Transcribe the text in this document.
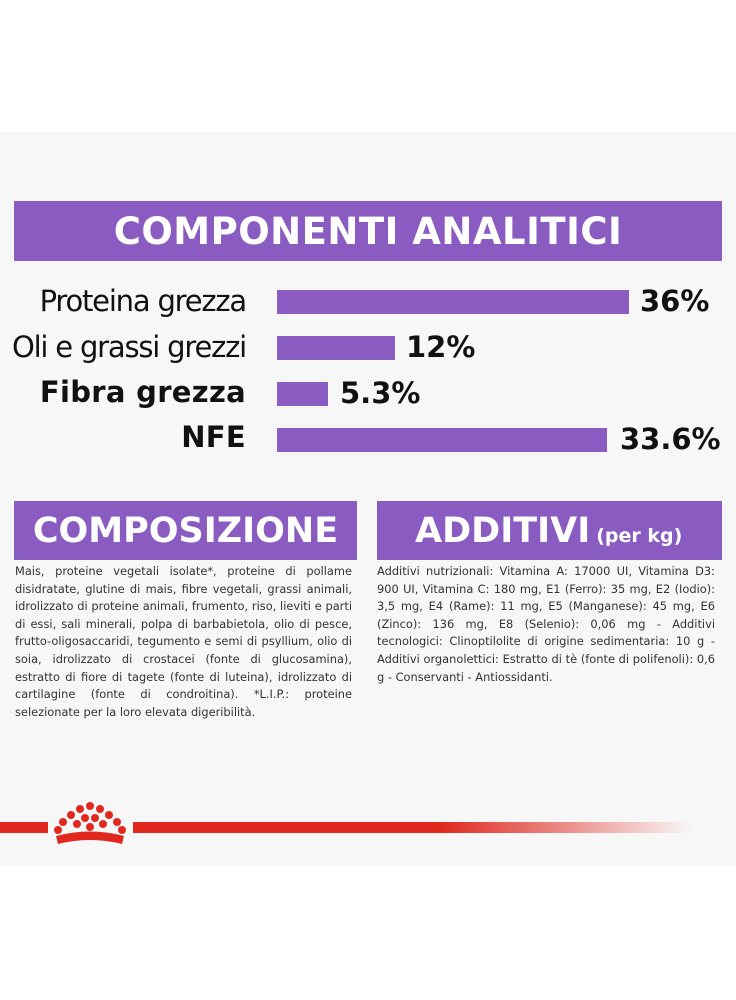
COMPONENTI ANALITICI
Proteina grezza	36%
Oli e grassi grezzi	12%
Fibra grezza	5.3%
NFE	33.6%
COMPOSIZIONE
Mais, proteine vegetali isolate*, proteine di pollame disidratate, glutine di mais, fibre vegetali, grassi animali, idrolizzato di proteine animali, frumento, riso, lieviti e parti di essi, sali minerali, polpa di barbabietola, olio di pesce, frutto-oligosaccaridi, tegumento e semi di psyllium, olio di soia, idrolizzato di crostacei (fonte di glucosamina), estratto di fiore di tagete (fonte di luteina), idrolizzato di cartilagine (fonte di condroitina). *L.I.P.: proteine selezionate per la loro elevata digeribilità.
ADDITIVI (per kg)
Additivi nutrizionali: Vitamina A: 17000 UI, Vitamina D3: 900 UI, Vitamina C: 180 mg, E1 (Ferro): 35 mg, E2 (Iodio): 3,5 mg, E4 (Rame): 11 mg, E5 (Manganese): 45 mg, E6 (Zinco): 136 mg, E8 (Selenio): 0,06 mg - Additivi tecnologici: Clinoptilolite di origine sedimentaria: 10 g - Additivi organolettici: Estratto di tè (fonte di polifenoli): 0,6 g - Conservanti - Antiossidanti.
